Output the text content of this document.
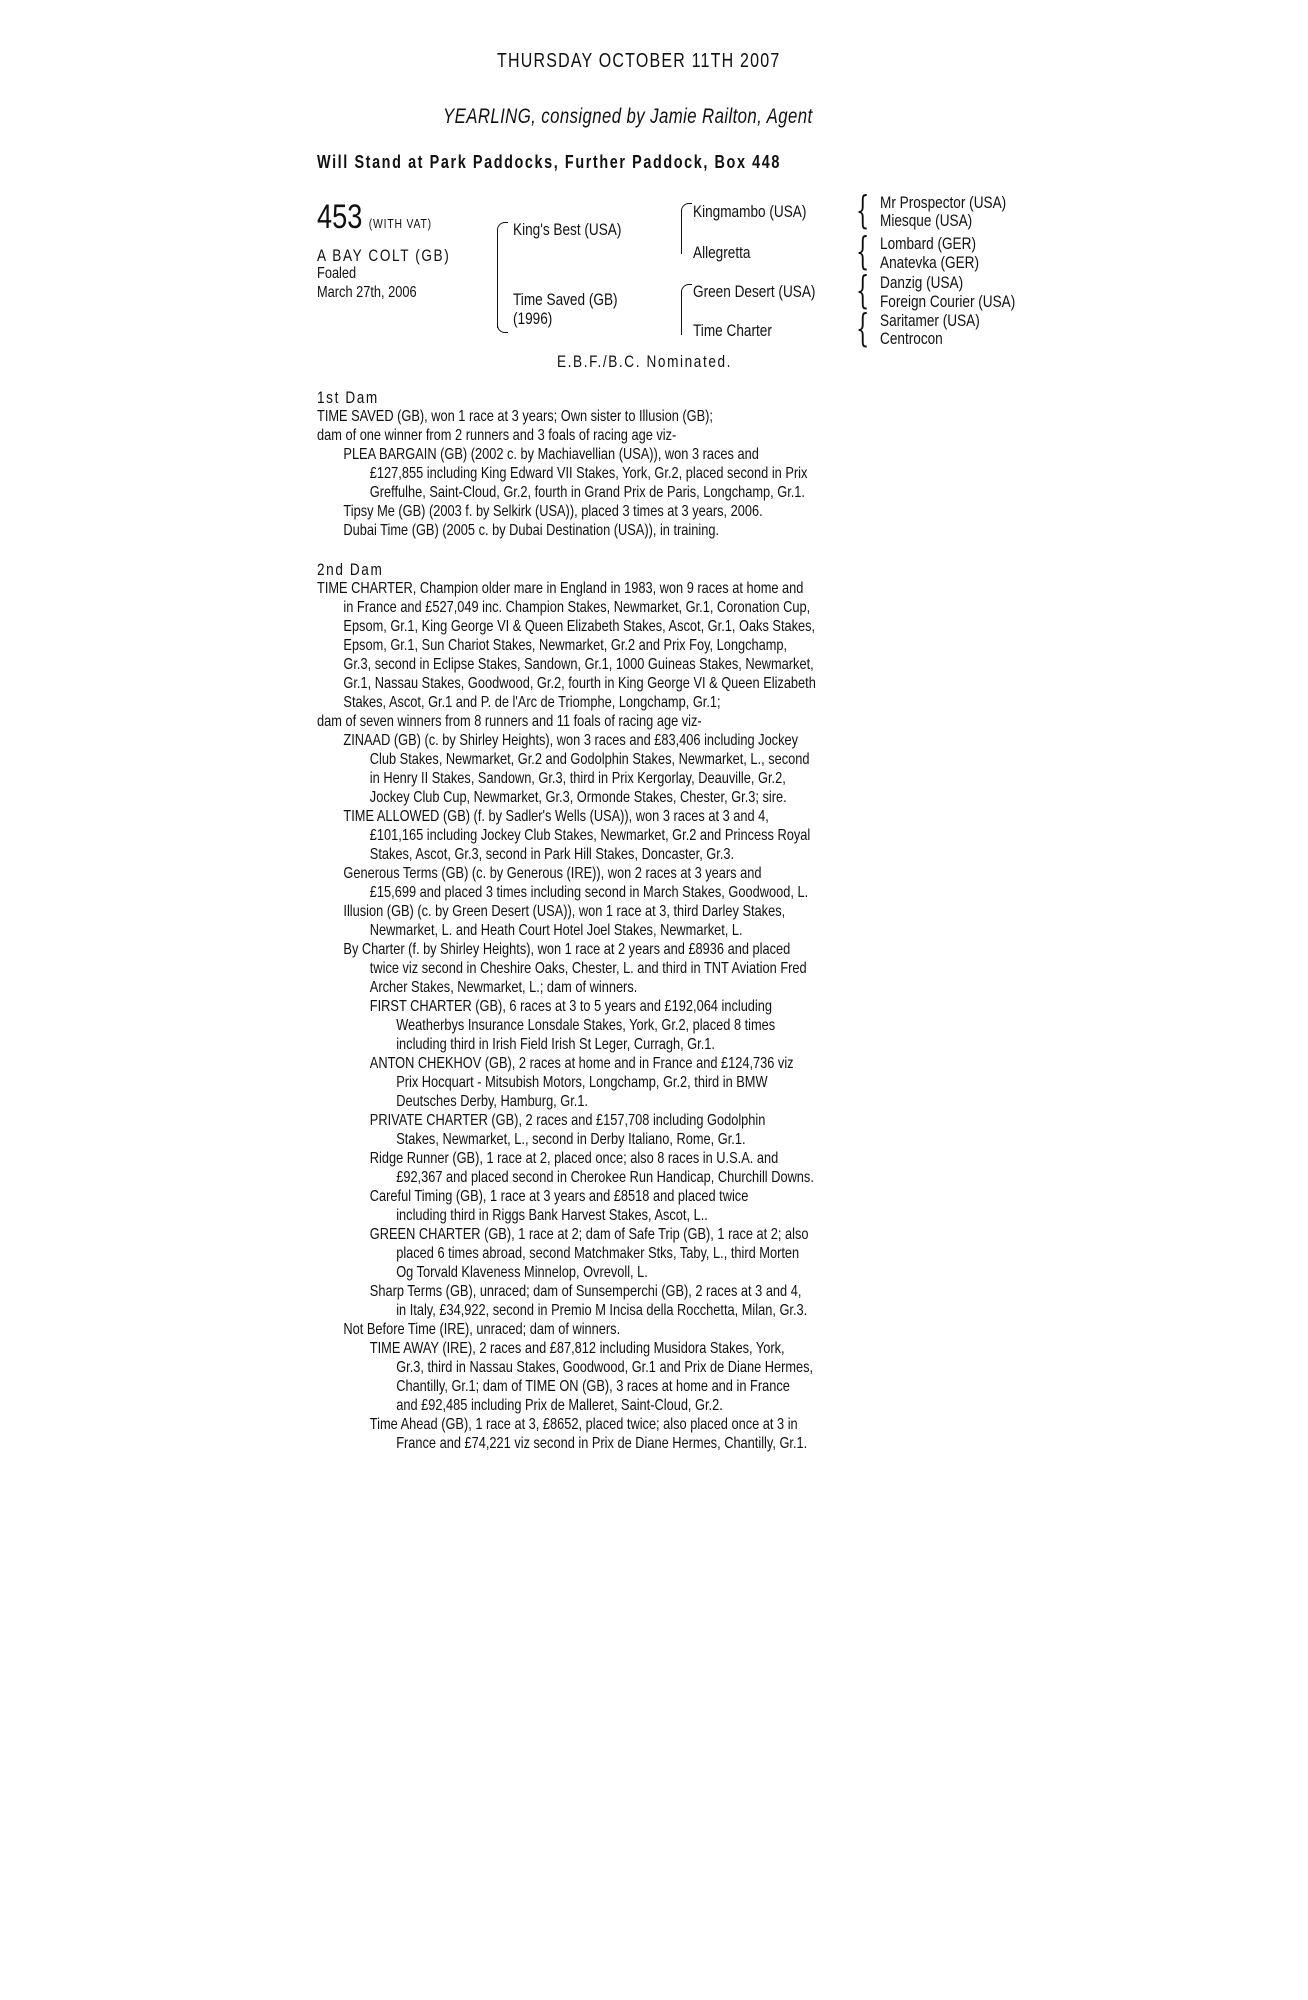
THURSDAY OCTOBER 11TH 2007
YEARLING, consigned by Jamie Railton, Agent
Will Stand at Park Paddocks, Further Paddock, Box 448
453 (WITH VAT)
A BAY COLT (GB)
Foaled
March 27th, 2006
King's Best (USA)
Time Saved (GB)
(1996)
Kingmambo (USA)
Allegretta
Green Desert (USA)
Time Charter
{
{
{
{
Mr Prospector (USA)
Miesque (USA)
Lombard (GER)
Anatevka (GER)
Danzig (USA)
Foreign Courier (USA)
Saritamer (USA)
Centrocon
E.B.F./B.C. Nominated.
1st Dam
TIME SAVED (GB), won 1 race at 3 years; Own sister to Illusion (GB);
dam of one winner from 2 runners and 3 foals of racing age viz-
PLEA BARGAIN (GB) (2002 c. by Machiavellian (USA)), won 3 races and
£127,855 including King Edward VII Stakes, York, Gr.2, placed second in Prix
Greffulhe, Saint-Cloud, Gr.2, fourth in Grand Prix de Paris, Longchamp, Gr.1.
Tipsy Me (GB) (2003 f. by Selkirk (USA)), placed 3 times at 3 years, 2006.
Dubai Time (GB) (2005 c. by Dubai Destination (USA)), in training.
2nd Dam
TIME CHARTER, Champion older mare in England in 1983, won 9 races at home and
in France and £527,049 inc. Champion Stakes, Newmarket, Gr.1, Coronation Cup,
Epsom, Gr.1, King George VI & Queen Elizabeth Stakes, Ascot, Gr.1, Oaks Stakes,
Epsom, Gr.1, Sun Chariot Stakes, Newmarket, Gr.2 and Prix Foy, Longchamp,
Gr.3, second in Eclipse Stakes, Sandown, Gr.1, 1000 Guineas Stakes, Newmarket,
Gr.1, Nassau Stakes, Goodwood, Gr.2, fourth in King George VI & Queen Elizabeth
Stakes, Ascot, Gr.1 and P. de l'Arc de Triomphe, Longchamp, Gr.1;
dam of seven winners from 8 runners and 11 foals of racing age viz-
ZINAAD (GB) (c. by Shirley Heights), won 3 races and £83,406 including Jockey
Club Stakes, Newmarket, Gr.2 and Godolphin Stakes, Newmarket, L., second
in Henry II Stakes, Sandown, Gr.3, third in Prix Kergorlay, Deauville, Gr.2,
Jockey Club Cup, Newmarket, Gr.3, Ormonde Stakes, Chester, Gr.3; sire.
TIME ALLOWED (GB) (f. by Sadler's Wells (USA)), won 3 races at 3 and 4,
£101,165 including Jockey Club Stakes, Newmarket, Gr.2 and Princess Royal
Stakes, Ascot, Gr.3, second in Park Hill Stakes, Doncaster, Gr.3.
Generous Terms (GB) (c. by Generous (IRE)), won 2 races at 3 years and
£15,699 and placed 3 times including second in March Stakes, Goodwood, L.
Illusion (GB) (c. by Green Desert (USA)), won 1 race at 3, third Darley Stakes,
Newmarket, L. and Heath Court Hotel Joel Stakes, Newmarket, L.
By Charter (f. by Shirley Heights), won 1 race at 2 years and £8936 and placed
twice viz second in Cheshire Oaks, Chester, L. and third in TNT Aviation Fred
Archer Stakes, Newmarket, L.; dam of winners.
FIRST CHARTER (GB), 6 races at 3 to 5 years and £192,064 including
Weatherbys Insurance Lonsdale Stakes, York, Gr.2, placed 8 times
including third in Irish Field Irish St Leger, Curragh, Gr.1.
ANTON CHEKHOV (GB), 2 races at home and in France and £124,736 viz
Prix Hocquart - Mitsubish Motors, Longchamp, Gr.2, third in BMW
Deutsches Derby, Hamburg, Gr.1.
PRIVATE CHARTER (GB), 2 races and £157,708 including Godolphin
Stakes, Newmarket, L., second in Derby Italiano, Rome, Gr.1.
Ridge Runner (GB), 1 race at 2, placed once; also 8 races in U.S.A. and
£92,367 and placed second in Cherokee Run Handicap, Churchill Downs.
Careful Timing (GB), 1 race at 3 years and £8518 and placed twice
including third in Riggs Bank Harvest Stakes, Ascot, L..
GREEN CHARTER (GB), 1 race at 2; dam of Safe Trip (GB), 1 race at 2; also
placed 6 times abroad, second Matchmaker Stks, Taby, L., third Morten
Og Torvald Klaveness Minnelop, Ovrevoll, L.
Sharp Terms (GB), unraced; dam of Sunsemperchi (GB), 2 races at 3 and 4,
in Italy, £34,922, second in Premio M Incisa della Rocchetta, Milan, Gr.3.
Not Before Time (IRE), unraced; dam of winners.
TIME AWAY (IRE), 2 races and £87,812 including Musidora Stakes, York,
Gr.3, third in Nassau Stakes, Goodwood, Gr.1 and Prix de Diane Hermes,
Chantilly, Gr.1; dam of TIME ON (GB), 3 races at home and in France
and £92,485 including Prix de Malleret, Saint-Cloud, Gr.2.
Time Ahead (GB), 1 race at 3, £8652, placed twice; also placed once at 3 in
France and £74,221 viz second in Prix de Diane Hermes, Chantilly, Gr.1.
